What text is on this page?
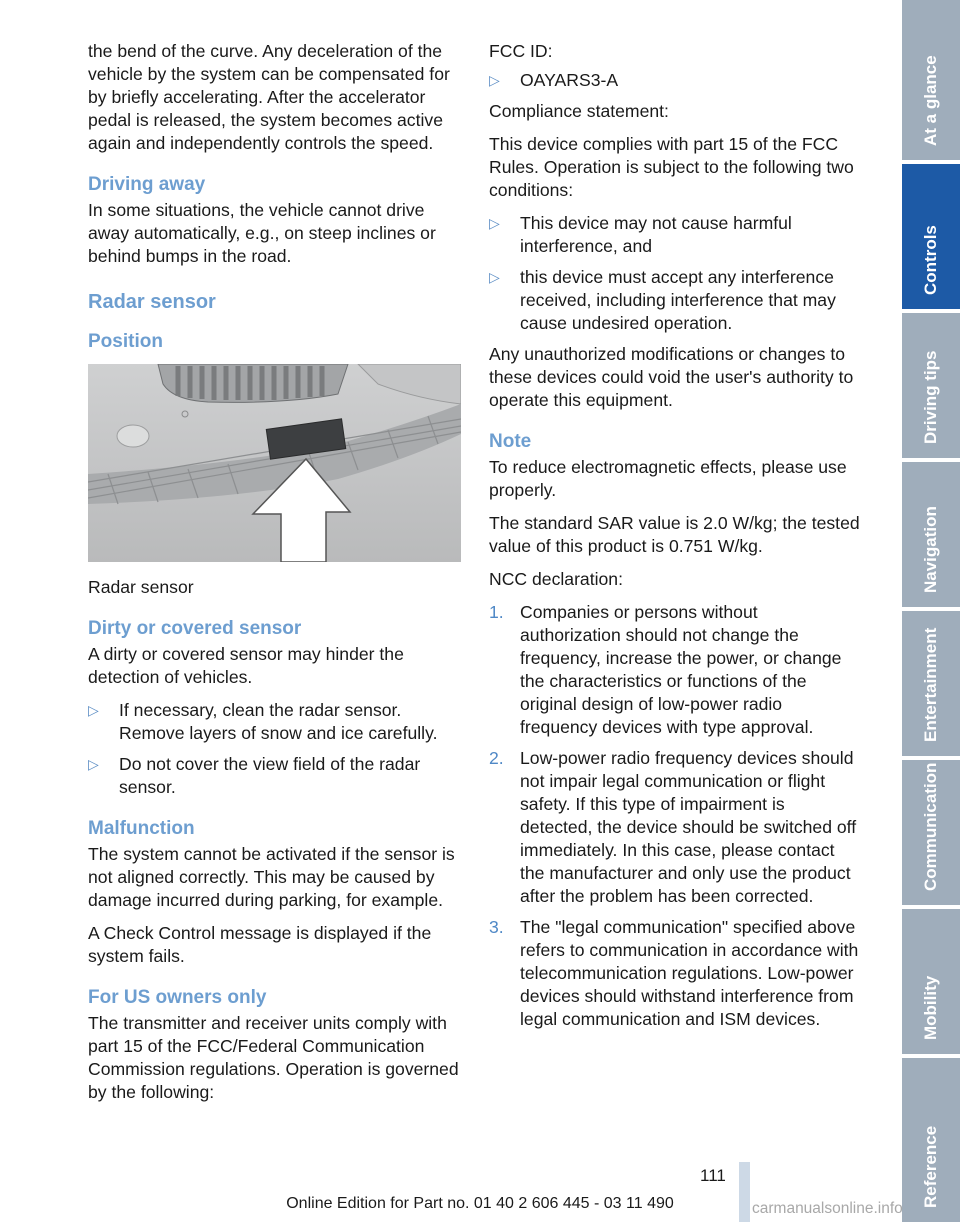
the bend of the curve. Any deceleration of the vehicle by the system can be compensated for by briefly accelerating. After the accelerator pedal is released, the system becomes active again and independently controls the speed.

Driving away

In some situations, the vehicle cannot drive away automatically, e.g., on steep inclines or behind bumps in the road.

Radar sensor
Position

Radar sensor

Dirty or covered sensor

A dirty or covered sensor may hinder the detection of vehicles.

▷ If necessary, clean the radar sensor. Remove layers of snow and ice carefully.
▷ Do not cover the view field of the radar sensor.
Malfunction

The system cannot be activated if the sensor is not aligned correctly. This may be caused by damage incurred during parking, for example.

A Check Control message is displayed if the system fails.

For US owners only

The transmitter and receiver units comply with part 15 of the FCC/Federal Communication Commission regulations. Operation is governed by the following:

FCC ID:

▷ OAYARS3-A

Compliance statement:

This device complies with part 15 of the FCC Rules. Operation is subject to the following two conditions:

▷ This device may not cause harmful interference, and
▷ this device must accept any interference received, including interference that may cause undesired operation.

Any unauthorized modifications or changes to these devices could void the user's authority to operate this equipment.

Note

To reduce electromagnetic effects, please use properly.

The standard SAR value is 2.0 W/kg; the tested value of this product is 0.751 W/kg.

NCC declaration:

1. Companies or persons without authorization should not change the frequency, increase the power, or change the characteristics or functions of the original design of low-power radio frequency devices with type approval.
2. Low-power radio frequency devices should not impair legal communication or flight safety. If this type of impairment is detected, the device should be switched off immediately. In this case, please contact the manufacturer and only use the product after the problem has been corrected.
3. The "legal communication" specified above refers to communication in accordance with telecommunication regulations. Low-power devices should withstand interference from legal communication and ISM devices.
At a glance
Controls
Driving tips
Navigation
Entertainment
Communication
Mobility
Reference
111
Online Edition for Part no. 01 40 2 606 445 - 03 11 490	carmanualsonline.info
